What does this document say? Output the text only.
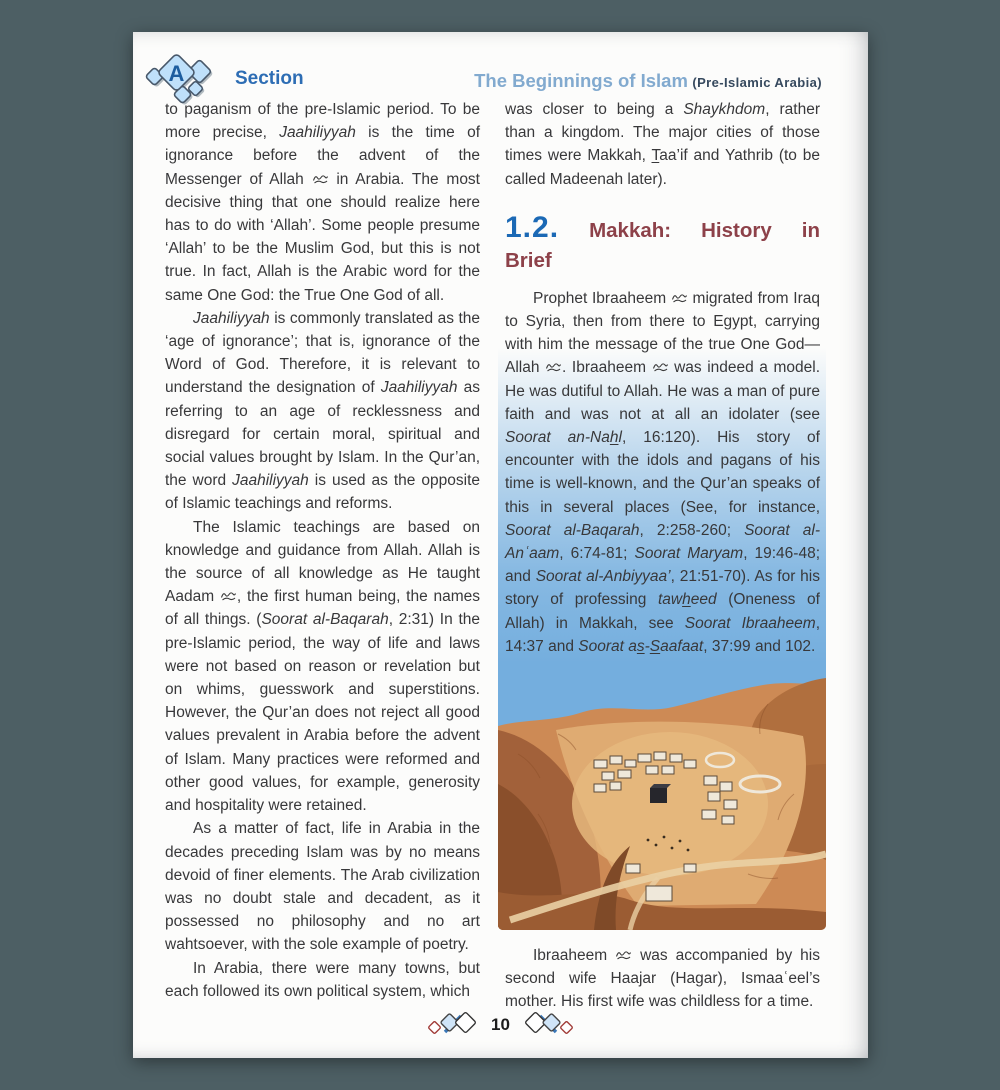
A	Section	The Beginnings of Islam (Pre-Islamic Arabia)

to paganism of the pre-Islamic period. To be more precise, Jaahiliyyah is the time of ignorance before the advent of the Messenger of Allah
in Arabia. The most decisive thing that one should realize here has to do with ‘Allah’. Some people presume ‘Allah’ to be the Muslim God, but this is not true. In fact, Allah is the Arabic word for the same One God: the True One God of all.

Jaahiliyyah is commonly translated as the ‘age of ignorance’; that is, ignorance of the Word of God. Therefore, it is relevant to understand the designation of Jaahiliyyah as referring to an age of recklessness and disregard for certain moral, spiritual and social values brought by Islam. In the Qur’an, the word Jaahiliyyah is used as the opposite of Islamic teachings and reforms.

The Islamic teachings are based on knowledge and guidance from Allah. Allah is the source of all knowledge as He taught Aadam
, the first human being, the names of all things. (Soorat al-Baqarah, 2:31) In the pre-Islamic period, the way of life and laws were not based on reason or revelation but on whims, guesswork and superstitions. However, the Qur’an does not reject all good values prevalent in Arabia before the advent of Islam. Many practices were reformed and other good values, for example, generosity and hospitality were retained.

As a matter of fact, life in Arabia in the decades preceding Islam was by no means devoid of finer elements. The Arab civilization was no doubt stale and decadent, as it possessed no philosophy and no art wahtsoever, with the sole example of poetry.

In Arabia, there were many towns, but each followed its own political system, which

was closer to being a Shaykhdom, rather than a kingdom. The major cities of those times were Makkah, Taa’if and Yathrib (to be called Madeenah later).

1.2. Makkah: History in
Brief

Prophet Ibraaheem
migrated from Iraq to Syria, then from there to Egypt, carrying with him the message of the true One God—Allah
. Ibraaheem
was indeed a model. He was dutiful to Allah. He was a man of pure faith and was not at all an idolater (see Soorat an-Nahl, 16:120). His story of encounter with the idols and pagans of his time is well-known, and the Qur’an speaks of this in several places (See, for instance, Soorat al-Baqarah, 2:258-260; Soorat al-Anʿaam, 6:74-81; Soorat Maryam, 19:46-48; and Soorat al-Anbiyyaa’, 21:51-70). As for his story of professing tawheed (Oneness of Allah) in Makkah, see Soorat Ibraaheem, 14:37 and Soorat as-Saafaat, 37:99 and 102.

Ibraaheem
was accompanied by his second wife Haajar (Hagar), Ismaaʿeel’s mother. His first wife was childless for a time.

10
